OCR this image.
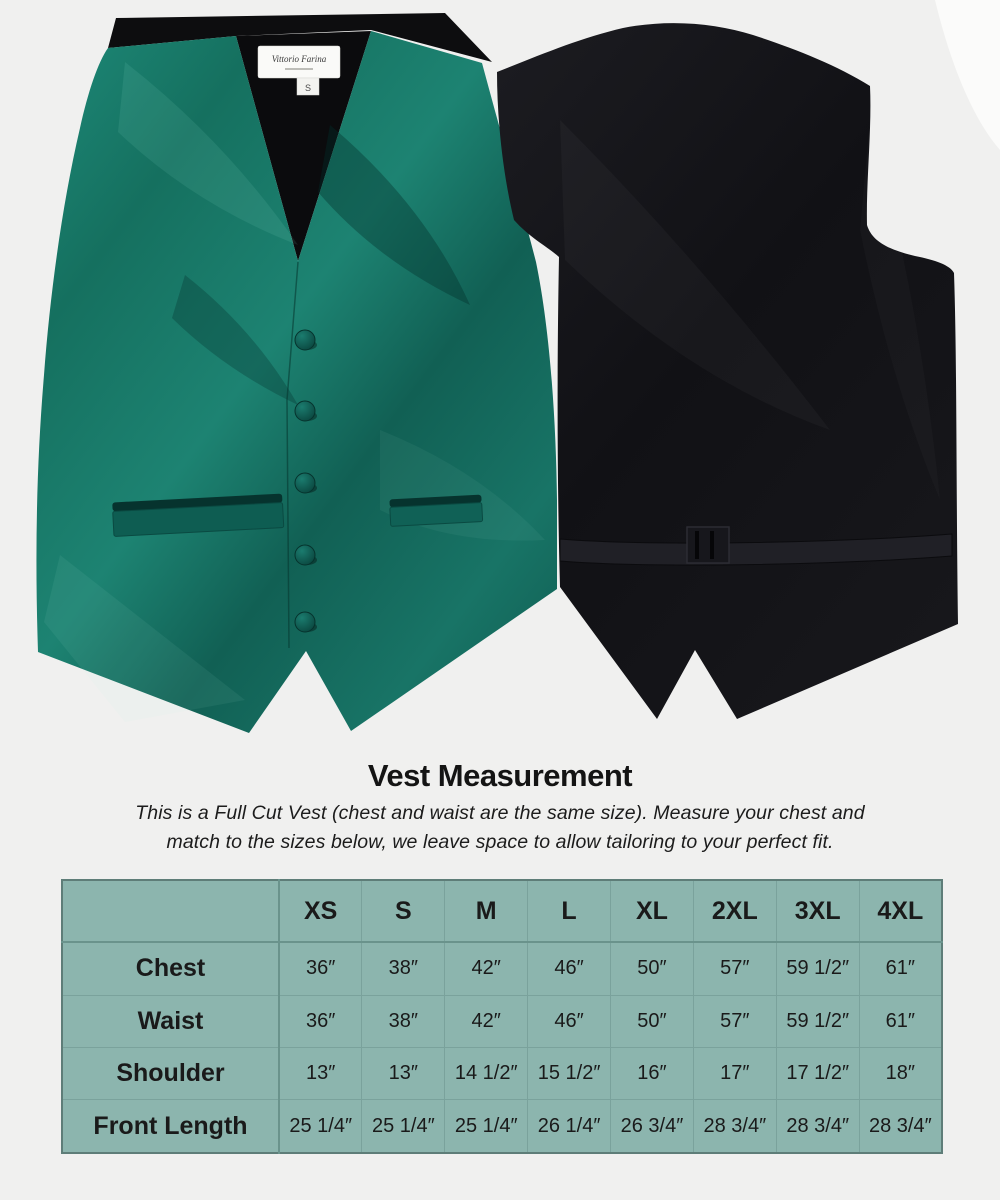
Vittorio Farina
S
Vest Measurement

This is a Full Cut Vest (chest and waist are the same size). Measure your chest and
match to the sizes below, we leave space to allow tailoring to your perfect fit.

	XS	S	M	L	XL	2XL	3XL	4XL
Chest	36″	38″	42″	46″	50″	57″	59 1/2″	61″
Waist	36″	38″	42″	46″	50″	57″	59 1/2″	61″
Shoulder	13″	13″	14 1/2″	15 1/2″	16″	17″	17 1/2″	18″
Front Length	25 1/4″	25 1/4″	25 1/4″	26 1/4″	26 3/4″	28 3/4″	28 3/4″	28 3/4″
